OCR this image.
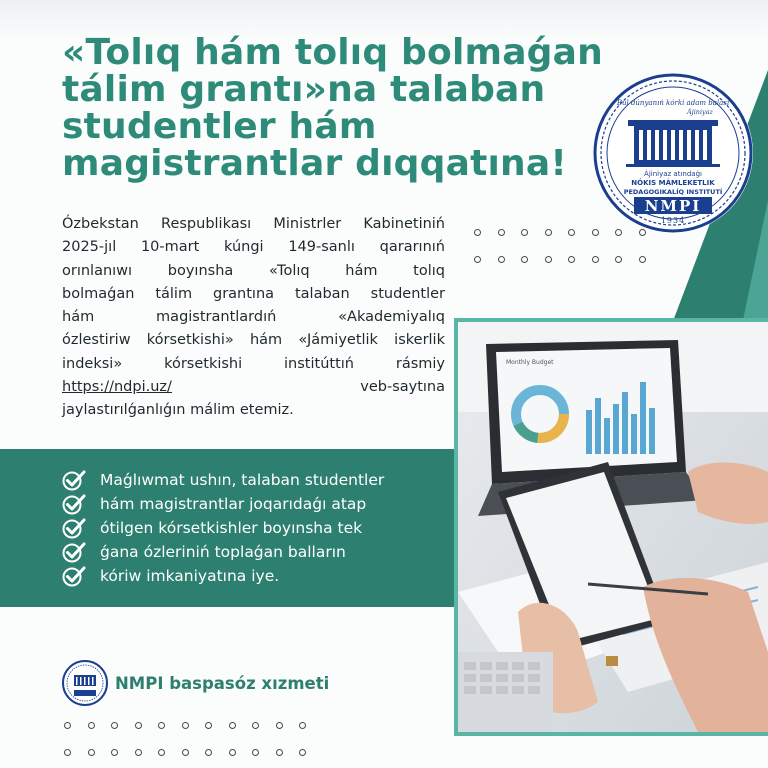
«Tolıq hám tolıq bolmaǵan
tálim grantı»na talaban
studentler hám
magistrantlar dıqqatına!
Bul dúnyanıń kórki adam balası
Ájiniyaz
Ájiniyaz atındaǵı
NÓKIS MÁMLEKETLIK
PEDAGOGIKALÍQ INSTITUTÍ
NMPI
1934
Ózbekstan Respublikası Ministrler Kabinetiniń
2025-jıl 10-mart kúngi 149-sanlı qararınıń
orınlanıwı boyınsha «Tolıq hám tolıq
bolmaǵan tálim grantına talaban studentler
hám magistrantlardıń «Akademiyalıq
ózlestiriw kórsetkishi» hám «Jámiyetlik iskerlik
indeksi» kórsetkishi institúttıń rásmiy
https://ndpi.uz/	veb-saytına
jaylastırılǵanlıǵın málim etemiz.
Monthly Budget
Maǵlıwmat ushın, talaban studentler
hám magistrantlar joqarıdaǵı atap
ótilgen kórsetkishler boyınsha tek
ǵana ózleriniń toplaǵan balların
kóriw imkaniyatına iye.
NMPI baspasóz xızmeti
